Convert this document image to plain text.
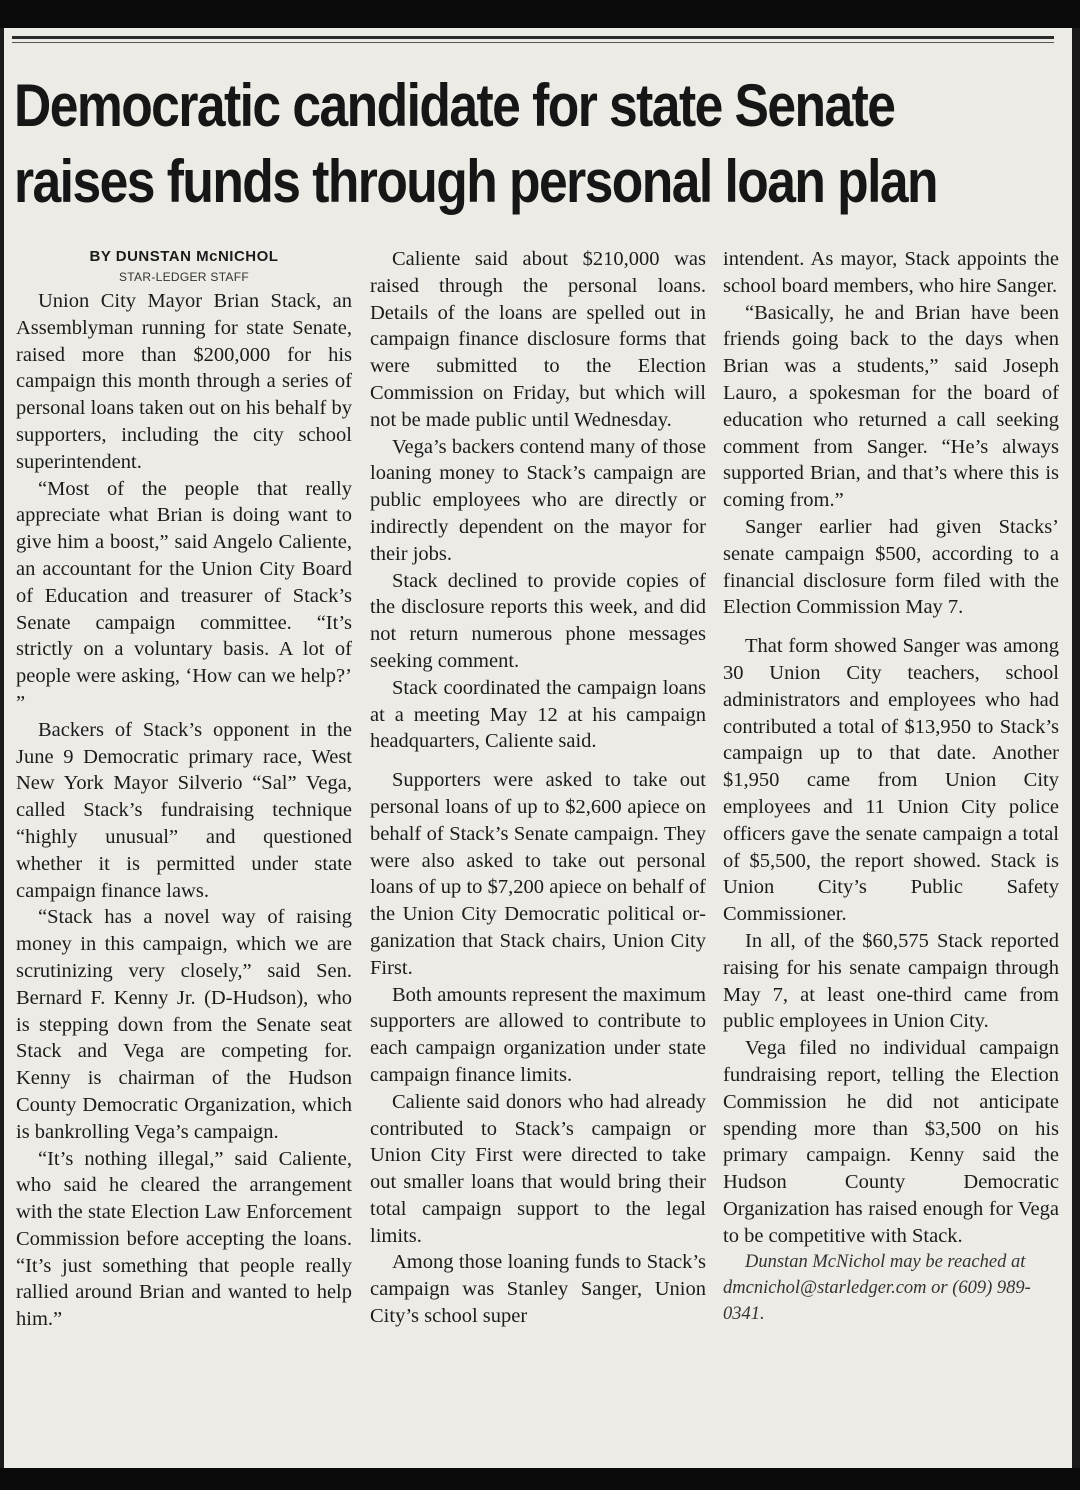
Democratic candidate for state Senate
raises funds through personal loan plan
BY DUNSTAN McNICHOL
STAR-LEDGER STAFF

Union City Mayor Brian Stack, an Assemblyman running for state Senate, raised more than $200,000 for his campaign this month through a series of personal loans taken out on his behalf by supporters, including the city school superintendent.

“Most of the people that really appreciate what Brian is doing want to give him a boost,” said Angelo Caliente, an accountant for the Union City Board of Education and treasurer of Stack’s Senate campaign committee. “It’s strictly on a voluntary basis. A lot of people were asking, ‘How can we help?’ ”

Backers of Stack’s opponent in the June 9 Democratic primary race, West New York Mayor Silverio “Sal” Vega, called Stack’s fundraising technique “highly unusual” and questioned whether it is permitted under state campaign finance laws.

“Stack has a novel way of raising money in this campaign, which we are scrutinizing very closely,” said Sen. Bernard F. Kenny Jr. (D-Hudson), who is stepping down from the Senate seat Stack and Vega are competing for. Kenny is chairman of the Hudson County Democratic Organization, which is bankrolling Vega’s campaign.

“It’s nothing illegal,” said Caliente, who said he cleared the arrangement with the state Election Law Enforcement Commission before accepting the loans. “It’s just something that people really rallied around Brian and wanted to help him.”

Caliente said about $210,000 was raised through the personal loans. Details of the loans are spelled out in campaign finance disclosure forms that were submitted to the Election Commission on Friday, but which will not be made public until Wednesday.

Vega’s backers contend many of those loaning money to Stack’s campaign are public employees who are directly or indirectly dependent on the mayor for their jobs.

Stack declined to provide copies of the disclosure reports this week, and did not return numerous phone messages seeking comment.

Stack coordinated the campaign loans at a meeting May 12 at his campaign headquarters, Caliente said.

Supporters were asked to take out personal loans of up to $2,600 apiece on behalf of Stack’s Senate campaign. They were also asked to take out personal loans of up to $7,200 apiece on behalf of the Union City Democratic political organization that Stack chairs, Union City First.

Both amounts represent the maximum supporters are allowed to contribute to each campaign organization under state campaign finance limits.

Caliente said donors who had already contributed to Stack’s campaign or Union City First were directed to take out smaller loans that would bring their total campaign support to the legal limits.

Among those loaning funds to Stack’s campaign was Stanley Sanger, Union City’s school super

intendent. As mayor, Stack appoints the school board members, who hire Sanger.

“Basically, he and Brian have been friends going back to the days when Brian was a students,” said Joseph Lauro, a spokesman for the board of education who returned a call seeking comment from Sanger. “He’s always supported Brian, and that’s where this is coming from.”

Sanger earlier had given Stacks’ senate campaign $500, according to a financial disclosure form filed with the Election Commission May 7.

That form showed Sanger was among 30 Union City teachers, school administrators and employees who had contributed a total of $13,950 to Stack’s campaign up to that date. Another $1,950 came from Union City employees and 11 Union City police officers gave the senate campaign a total of $5,500, the report showed. Stack is Union City’s Public Safety Commissioner.

In all, of the $60,575 Stack reported raising for his senate campaign through May 7, at least one-third came from public employees in Union City.

Vega filed no individual campaign fundraising report, telling the Election Commission he did not anticipate spending more than $3,500 on his primary campaign. Kenny said the Hudson County Democratic Organization has raised enough for Vega to be competitive with Stack.

Dunstan McNichol may be reached at dmcnichol@starledger.com or (609) 989-0341.
